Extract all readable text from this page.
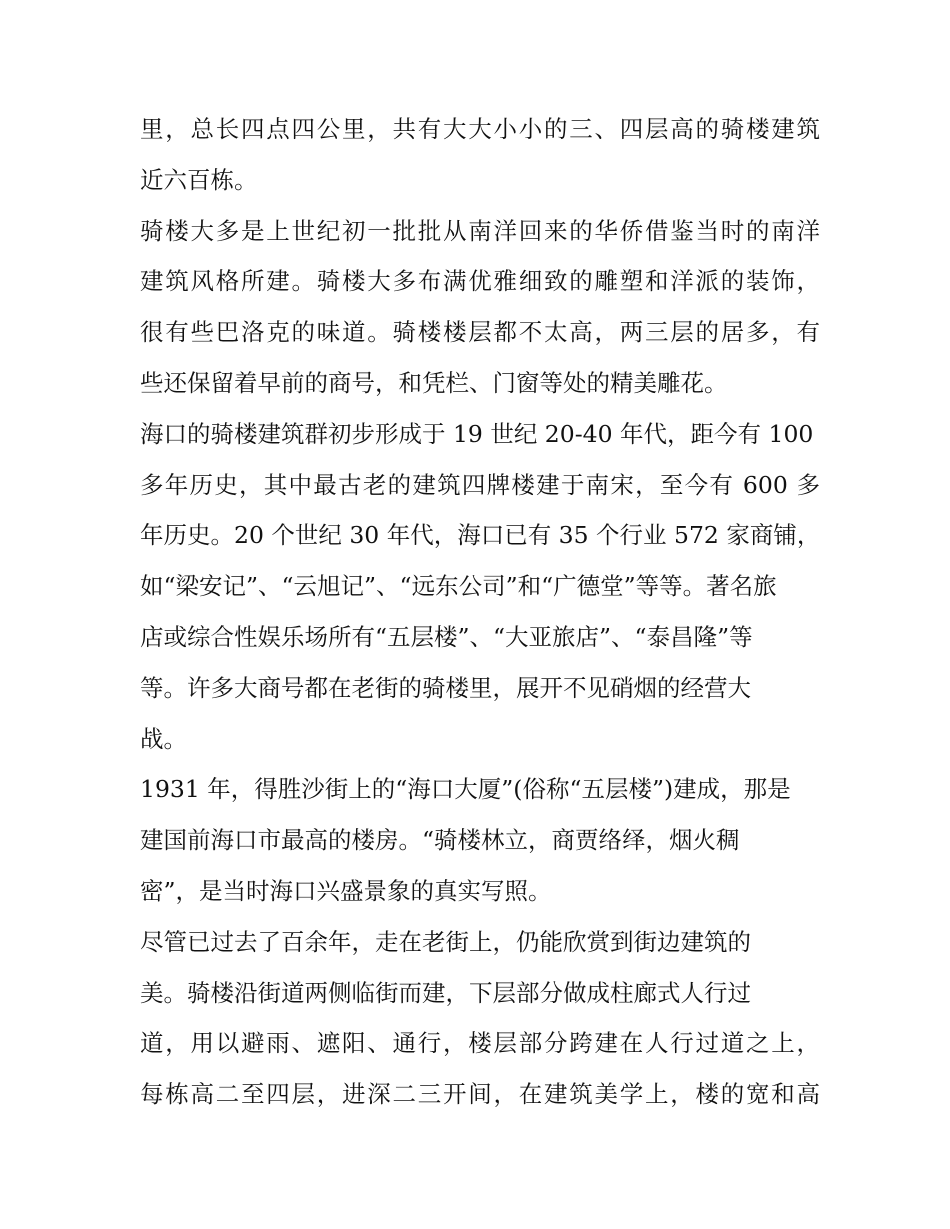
里，总长四点四公里，共有大大小小的三、四层高的骑楼建筑
近六百栋。
骑楼大多是上世纪初一批批从南洋回来的华侨借鉴当时的南洋
建筑风格所建。骑楼大多布满优雅细致的雕塑和洋派的装饰，
很有些巴洛克的味道。骑楼楼层都不太高，两三层的居多，有
些还保留着早前的商号，和凭栏、门窗等处的精美雕花。
海口的骑楼建筑群初步形成于 19 世纪 20-40 年代，距今有 100
多年历史，其中最古老的建筑四牌楼建于南宋，至今有 600 多
年历史。20 个世纪 30 年代，海口已有 35 个行业 572 家商铺，
如“梁安记”、“云旭记”、“远东公司”和“广德堂”等等。著名旅
店或综合性娱乐场所有“五层楼”、“大亚旅店”、“泰昌隆”等
等。许多大商号都在老街的骑楼里，展开不见硝烟的经营大
战。
1931 年，得胜沙街上的“海口大厦”(俗称“五层楼”)建成，那是
建国前海口市最高的楼房。“骑楼林立，商贾络绎，烟火稠
密”，是当时海口兴盛景象的真实写照。
尽管已过去了百余年，走在老街上，仍能欣赏到街边建筑的
美。骑楼沿街道两侧临街而建，下层部分做成柱廊式人行过
道，用以避雨、遮阳、通行，楼层部分跨建在人行过道之上，
每栋高二至四层，进深二三开间，在建筑美学上，楼的宽和高
